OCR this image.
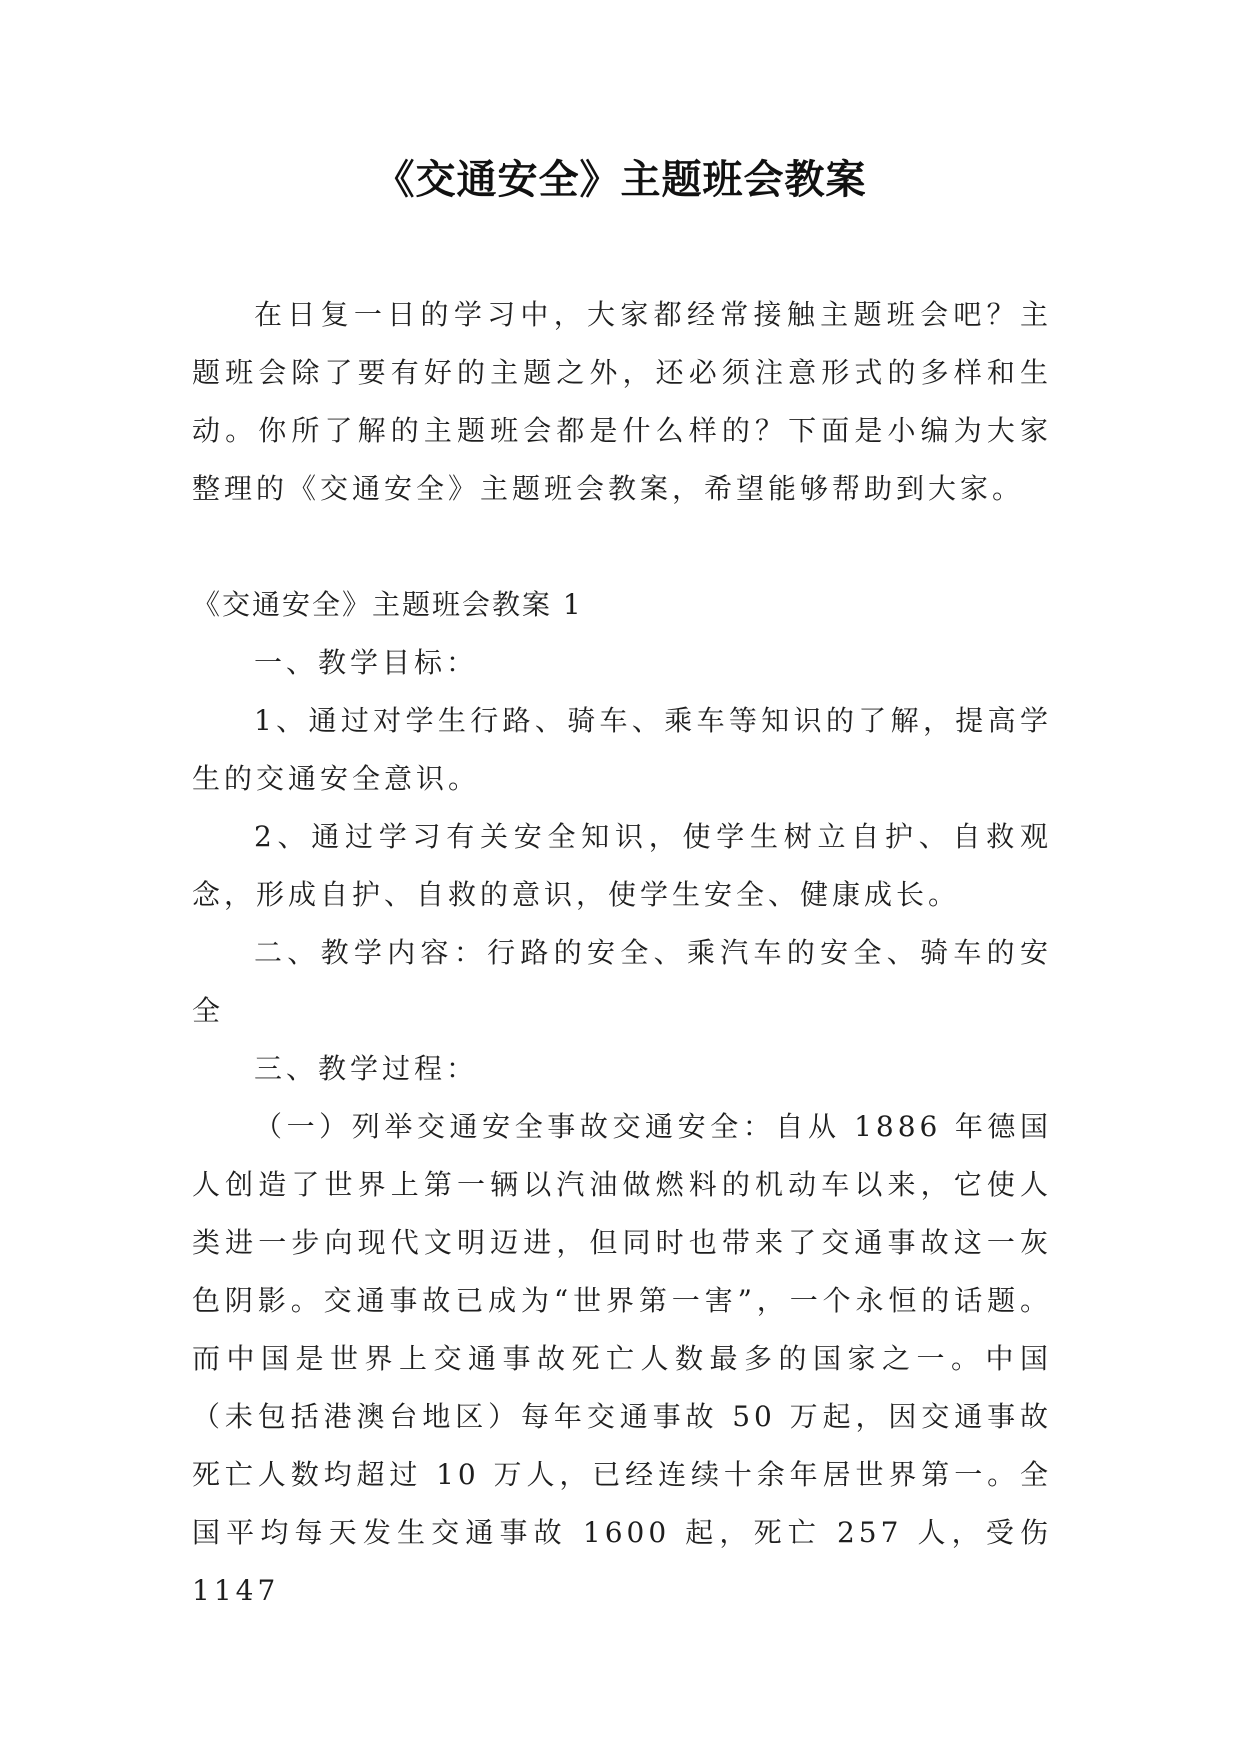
《交通安全》主题班会教案

在日复一日的学习中，大家都经常接触主题班会吧？主题班会除了要有好的主题之外，还必须注意形式的多样和生动。你所了解的主题班会都是什么样的？下面是小编为大家整理的《交通安全》主题班会教案，希望能够帮助到大家。

《交通安全》主题班会教案 1

一、教学目标：

1、通过对学生行路、骑车、乘车等知识的了解，提高学生的交通安全意识。

2、通过学习有关安全知识，使学生树立自护、自救观念，形成自护、自救的意识，使学生安全、健康成长。

二、教学内容：行路的安全、乘汽车的安全、骑车的安全

三、教学过程：

（一）列举交通安全事故交通安全：自从 1886 年德国人创造了世界上第一辆以汽油做燃料的机动车以来，它使人类进一步向现代文明迈进，但同时也带来了交通事故这一灰色阴影。交通事故已成为“世界第一害”，一个永恒的话题。而中国是世界上交通事故死亡人数最多的国家之一。中国（未包括港澳台地区）每年交通事故 50 万起，因交通事故死亡人数均超过 10 万人，已经连续十余年居世界第一。全国平均每天发生交通事故 1600 起，死亡 257 人，受伤 1147
